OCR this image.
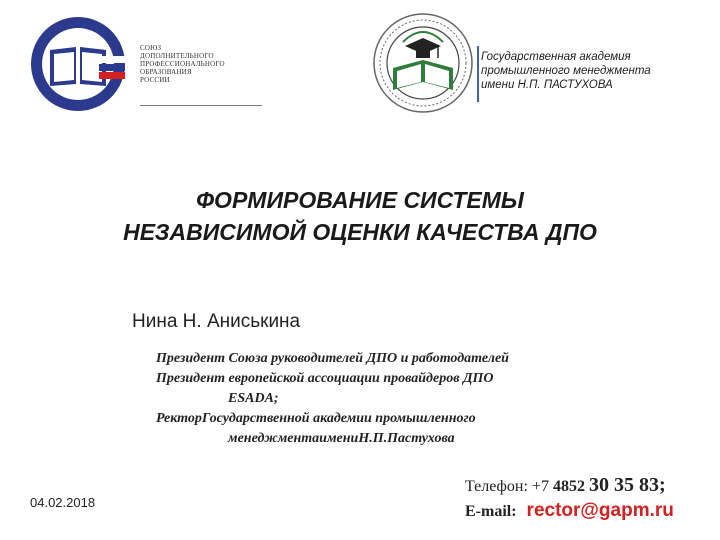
СОЮЗ
ДОПОЛНИТЕЛЬНОГО
ПРОФЕССИОНАЛЬНОГО
ОБРАЗОВАНИЯ
РОССИИ
Государственная академия
промышленного менеджмента
имени Н.П. ПАСТУХОВА
ФОРМИРОВАНИЕ СИСТЕМЫ
НЕЗАВИСИМОЙ ОЦЕНКИ КАЧЕСТВА ДПО
Нина Н. Аниськина
Президент Союза руководителей ДПО и работодателей
Президент европейской ассоциации провайдеров ДПО
ESADA;
РекторГосударственной академии промышленного
менеджментаимениН.П.Пастухова
04.02.2018
Телефон: +7 4852 30 35 83;
E-mail: rector@gapm.ru
